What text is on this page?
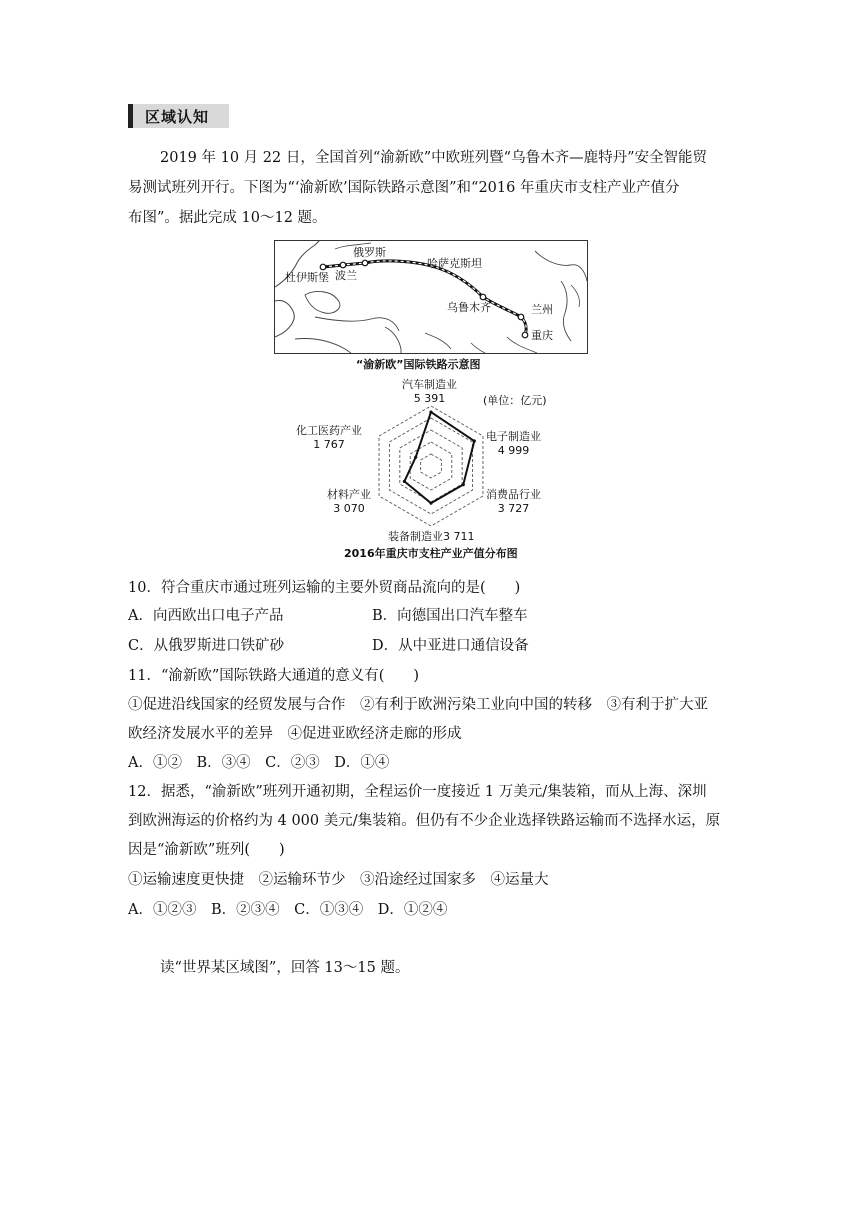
区域认知
2019 年 10 月 22 日，全国首列“渝新欧”中欧班列暨“乌鲁木齐—鹿特丹”安全智能贸
易测试班列开行。下图为“‘渝新欧’国际铁路示意图”和“2016 年重庆市支柱产业产值分
布图”。据此完成 10～12 题。
俄罗斯
杜伊斯堡 波兰
哈萨克斯坦
乌鲁木齐	兰州
重庆
“渝新欧”国际铁路示意图
汽车制造业
5 391	(单位：亿元)
电子制造业
4 999
消费品行业
3 727
装备制造业3 711
材料产业
3 070
化工医药产业
1 767
2016年重庆市支柱产业产值分布图
10．符合重庆市通过班列运输的主要外贸商品流向的是(　　)
A．向西欧出口电子产品	B．向德国出口汽车整车
C．从俄罗斯进口铁矿砂	D．从中亚进口通信设备
11．“渝新欧”国际铁路大通道的意义有(　　)
①促进沿线国家的经贸发展与合作　②有利于欧洲污染工业向中国的转移　③有利于扩大亚
欧经济发展水平的差异　④促进亚欧经济走廊的形成
A．①②　B．③④　C．②③　D．①④
12．据悉，“渝新欧”班列开通初期，全程运价一度接近 1 万美元/集装箱，而从上海、深圳
到欧洲海运的价格约为 4 000 美元/集装箱。但仍有不少企业选择铁路运输而不选择水运，原
因是“渝新欧”班列(　　)
①运输速度更快捷　②运输环节少　③沿途经过国家多　④运量大
A．①②③　B．②③④　C．①③④　D．①②④
读“世界某区域图”，回答 13～15 题。
